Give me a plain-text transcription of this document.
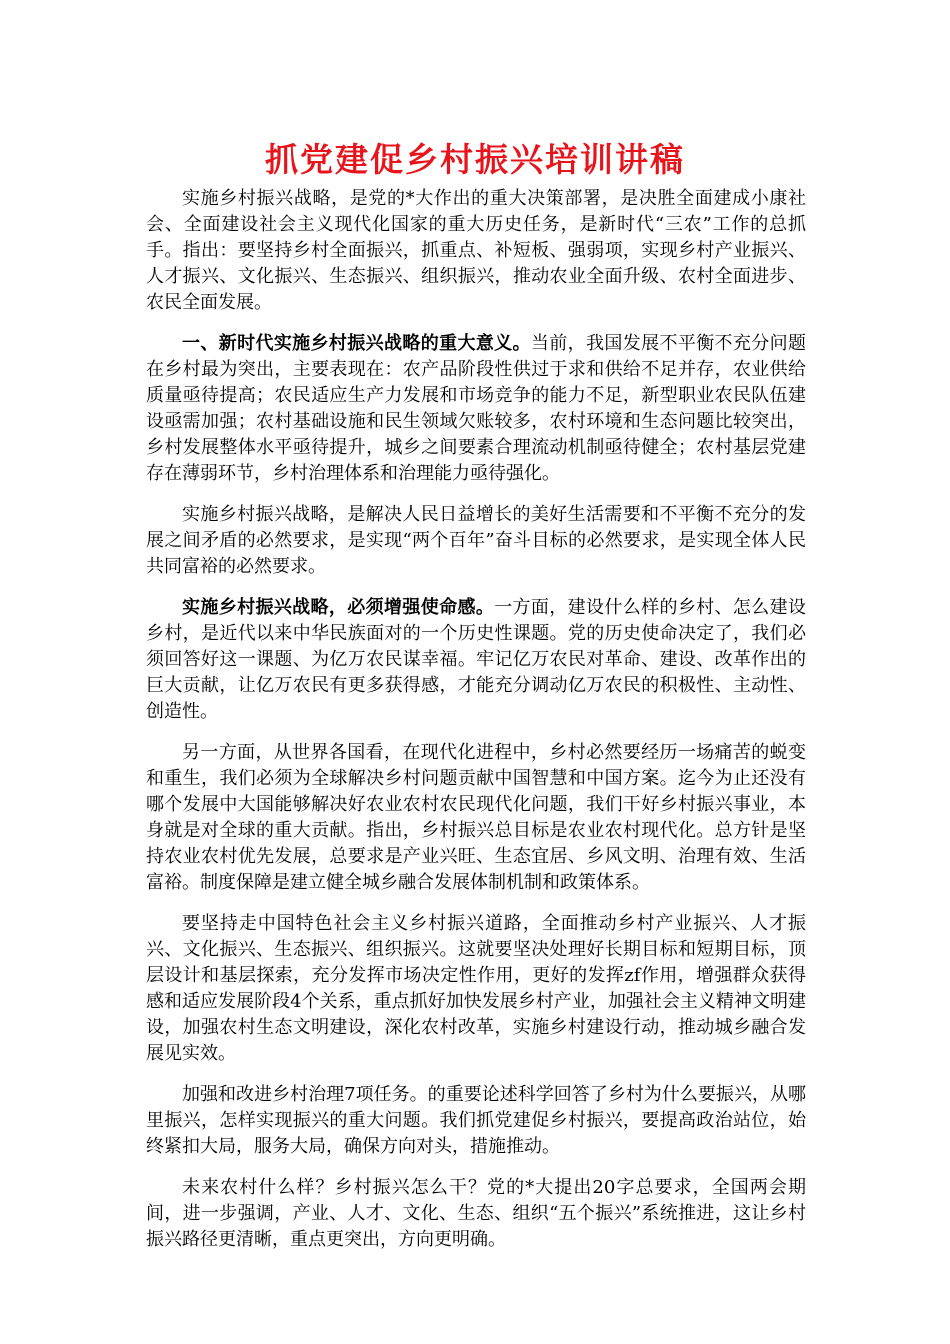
抓党建促乡村振兴培训讲稿

实施乡村振兴战略，是党的*大作出的重大决策部署，是决胜全面建成小康社会、全面建设社会主义现代化国家的重大历史任务，是新时代“三农”工作的总抓手。指出：要坚持乡村全面振兴，抓重点、补短板、强弱项，实现乡村产业振兴、人才振兴、文化振兴、生态振兴、组织振兴，推动农业全面升级、农村全面进步、农民全面发展。

一、新时代实施乡村振兴战略的重大意义。当前，我国发展不平衡不充分问题在乡村最为突出，主要表现在：农产品阶段性供过于求和供给不足并存，农业供给质量亟待提高；农民适应生产力发展和市场竞争的能力不足，新型职业农民队伍建设亟需加强；农村基础设施和民生领域欠账较多，农村环境和生态问题比较突出，乡村发展整体水平亟待提升，城乡之间要素合理流动机制亟待健全；农村基层党建存在薄弱环节，乡村治理体系和治理能力亟待强化。

实施乡村振兴战略，是解决人民日益增长的美好生活需要和不平衡不充分的发展之间矛盾的必然要求，是实现“两个百年”奋斗目标的必然要求，是实现全体人民共同富裕的必然要求。

实施乡村振兴战略，必须增强使命感。一方面，建设什么样的乡村、怎么建设乡村，是近代以来中华民族面对的一个历史性课题。党的历史使命决定了，我们必须回答好这一课题、为亿万农民谋幸福。牢记亿万农民对革命、建设、改革作出的巨大贡献，让亿万农民有更多获得感，才能充分调动亿万农民的积极性、主动性、创造性。

另一方面，从世界各国看，在现代化进程中，乡村必然要经历一场痛苦的蜕变和重生，我们必须为全球解决乡村问题贡献中国智慧和中国方案。迄今为止还没有哪个发展中大国能够解决好农业农村农民现代化问题，我们干好乡村振兴事业，本身就是对全球的重大贡献。指出，乡村振兴总目标是农业农村现代化。总方针是坚持农业农村优先发展，总要求是产业兴旺、生态宜居、乡风文明、治理有效、生活富裕。制度保障是建立健全城乡融合发展体制机制和政策体系。

要坚持走中国特色社会主义乡村振兴道路，全面推动乡村产业振兴、人才振兴、文化振兴、生态振兴、组织振兴。这就要坚决处理好长期目标和短期目标，顶层设计和基层探索，充分发挥市场决定性作用，更好的发挥zf作用，增强群众获得感和适应发展阶段4个关系，重点抓好加快发展乡村产业，加强社会主义精神文明建设，加强农村生态文明建设，深化农村改革，实施乡村建设行动，推动城乡融合发展见实效。

加强和改进乡村治理7项任务。的重要论述科学回答了乡村为什么要振兴，从哪里振兴，怎样实现振兴的重大问题。我们抓党建促乡村振兴，要提高政治站位，始终紧扣大局，服务大局，确保方向对头，措施推动。

未来农村什么样？乡村振兴怎么干？党的*大提出20字总要求，全国两会期间，进一步强调，产业、人才、文化、生态、组织“五个振兴”系统推进，这让乡村振兴路径更清晰，重点更突出，方向更明确。
